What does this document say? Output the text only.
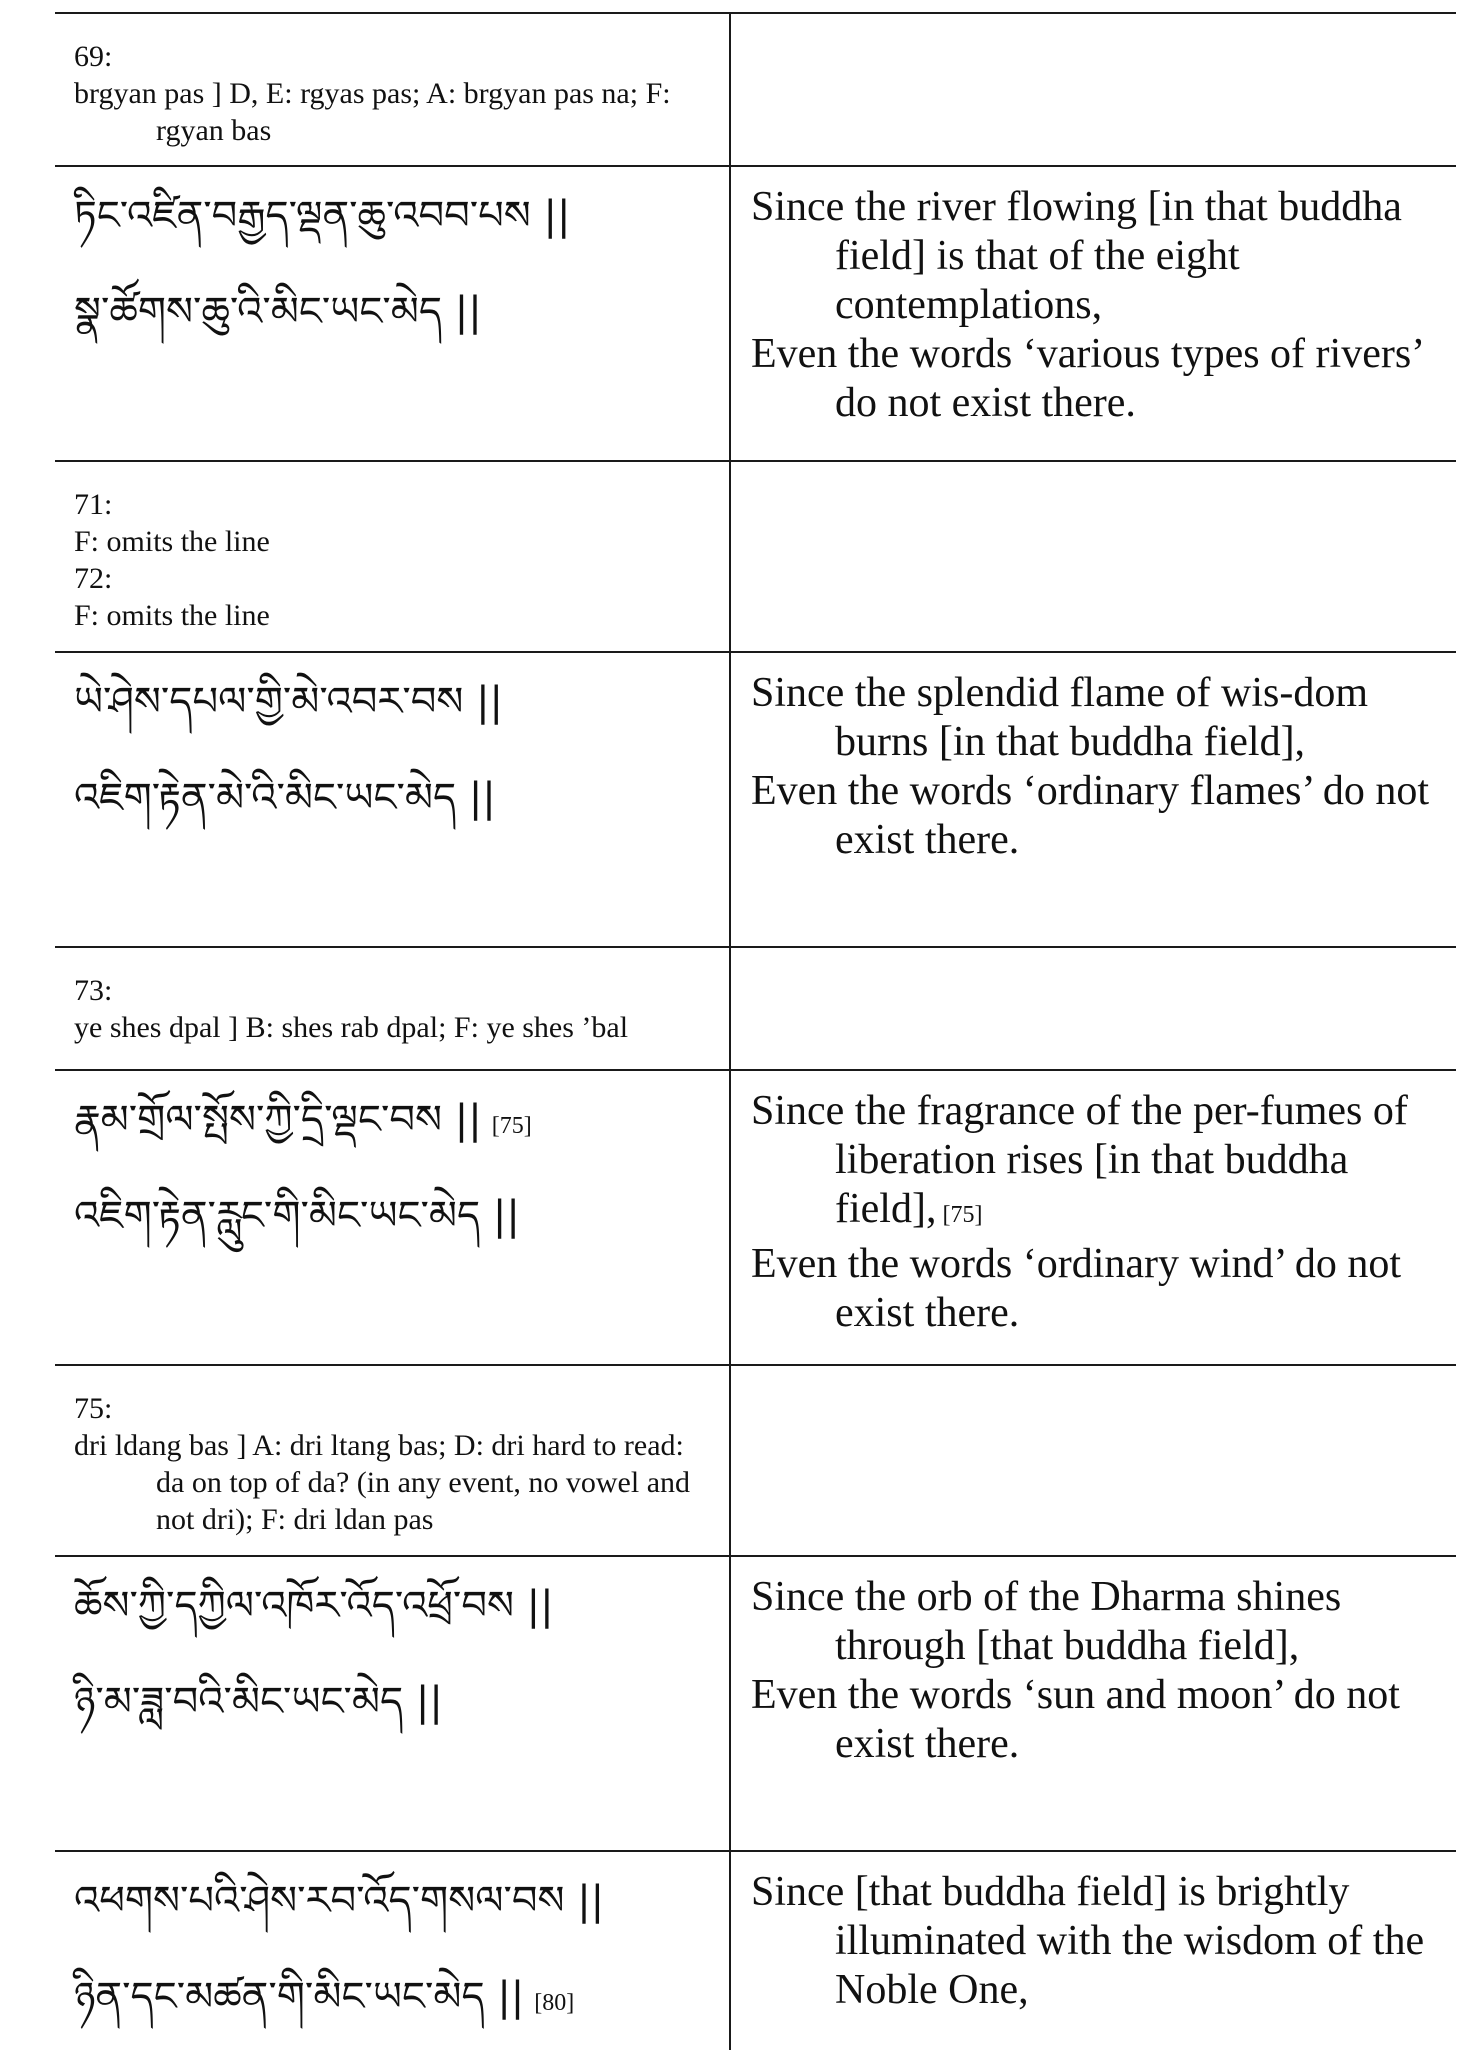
69:
brgyan pas ] D, E: rgyas pas; A: brgyan pas na; F: rgyan bas
ཏིང་འཛིན་བརྒྱད་ལྡན་ཆུ་འབབ་པས ||
སྣ་ཚོགས་ཆུ་འི་མིང་ཡང་མེད ||
Since the river flowing [in that buddha field] is that of the eight contemplations,
Even the words ‘various types of rivers’ do not exist there.
71:
F: omits the line
72:
F: omits the line
ཡེ་ཤེས་དཔལ་གྱི་མེ་འབར་བས ||
འཇིག་རྟེན་མེ་འི་མིང་ཡང་མེད ||
Since the splendid flame of wis-dom burns [in that buddha field],
Even the words ‘ordinary flames’ do not exist there.
73:
ye shes dpal ] B: shes rab dpal; F: ye shes ’bal
རྣམ་གྲོལ་སྤོས་ཀྱི་དྲི་ལྡང་བས || [75]
འཇིག་རྟེན་རླུང་གི་མིང་ཡང་མེད ||
Since the fragrance of the per-fumes of liberation rises [in that buddha field], [75]
Even the words ‘ordinary wind’ do not exist there.
75:
dri ldang bas ] A: dri ltang bas; D: dri hard to read: da on top of da? (in any event, no vowel and not dri); F: dri ldan pas
ཆོས་ཀྱི་དཀྱིལ་འཁོར་འོད་འཕྲོ་བས ||
ཉི་མ་ཟླ་བའི་མིང་ཡང་མེད ||
Since the orb of the Dharma shines through [that buddha field],
Even the words ‘sun and moon’ do not exist there.
འཕགས་པའི་ཤེས་རབ་འོད་གསལ་བས ||
ཉིན་དང་མཚན་གི་མིང་ཡང་མེད || [80]
Since [that buddha field] is brightly illuminated with the wisdom of the Noble One,
